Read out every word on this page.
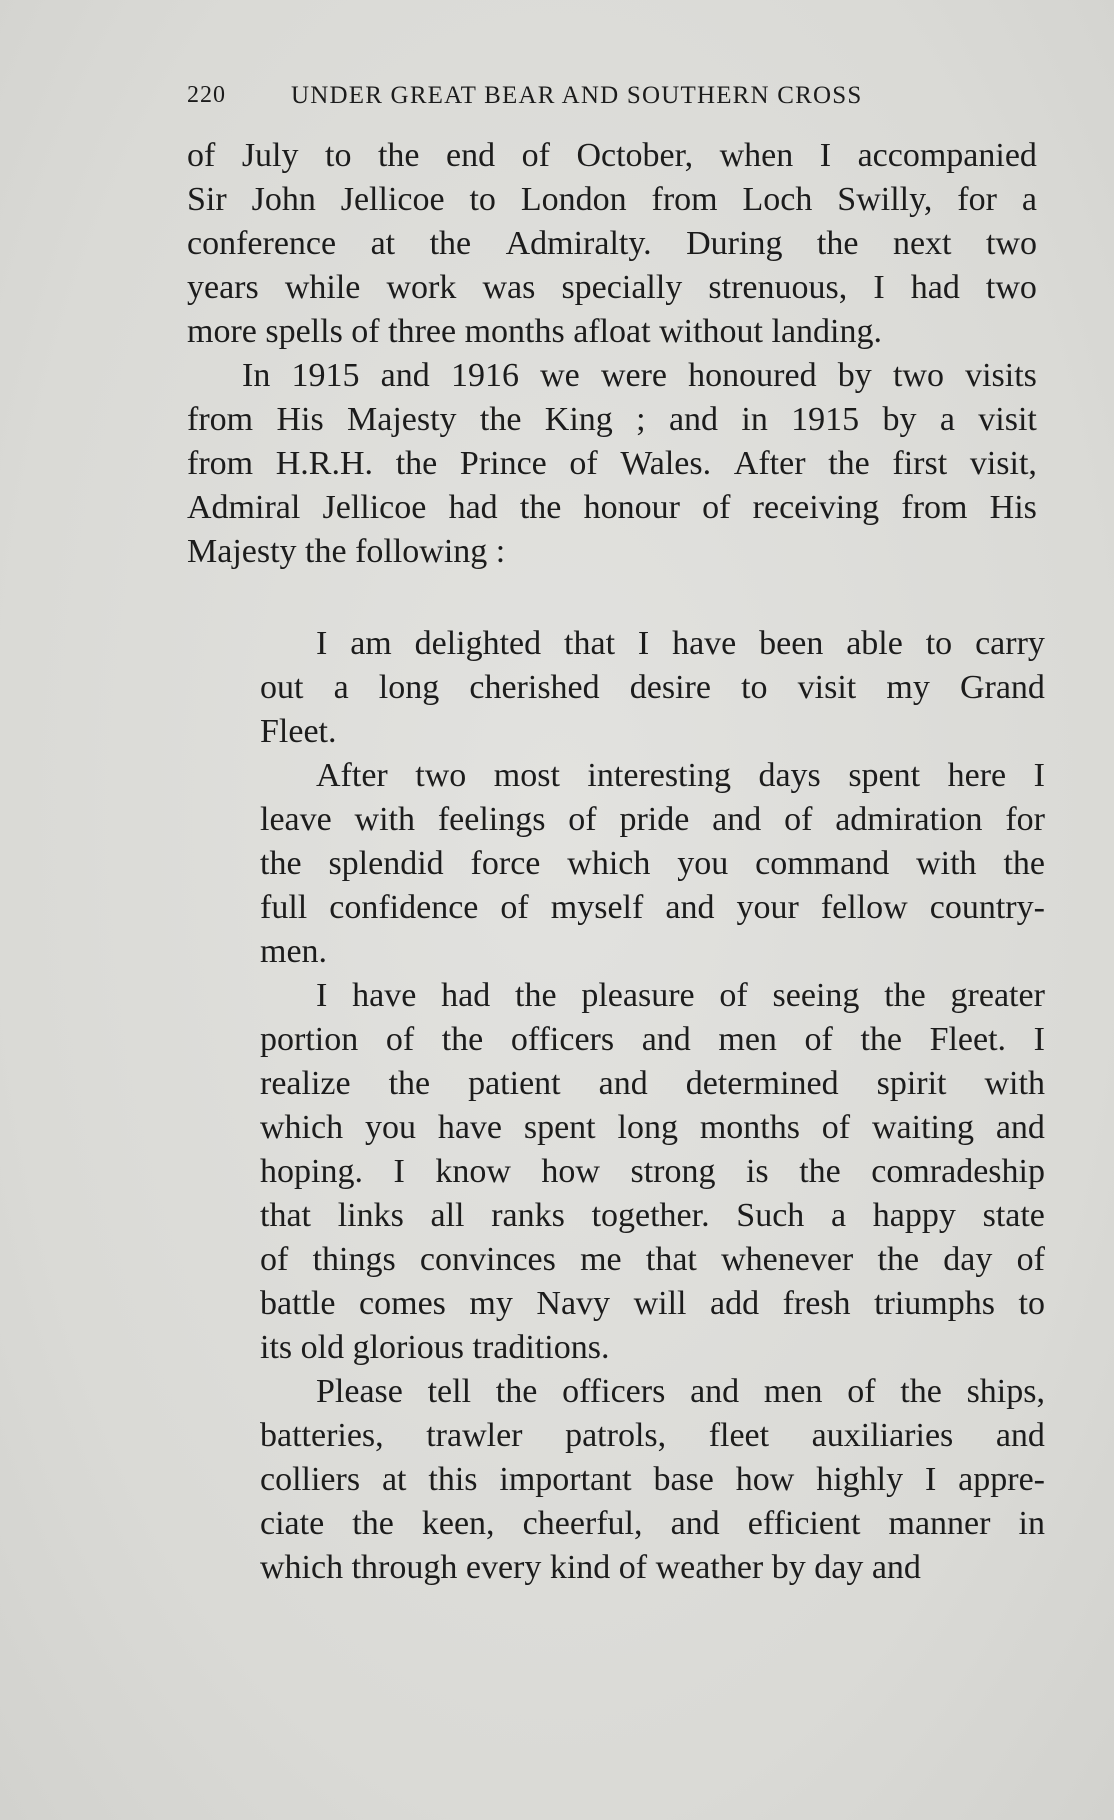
220	UNDER GREAT BEAR AND SOUTHERN CROSS
of July to the end of October, when I accompanied
Sir John Jellicoe to London from Loch Swilly, for a
conference at the Admiralty. During the next two
years while work was specially strenuous, I had two
more spells of three months afloat without landing.
In 1915 and 1916 we were honoured by two visits
from His Majesty the King ; and in 1915 by a visit
from H.R.H. the Prince of Wales. After the first visit,
Admiral Jellicoe had the honour of receiving from His
Majesty the following :
I am delighted that I have been able to carry
out a long cherished desire to visit my Grand
Fleet.
After two most interesting days spent here I
leave with feelings of pride and of admiration for
the splendid force which you command with the
full confidence of myself and your fellow country-
men.
I have had the pleasure of seeing the greater
portion of the officers and men of the Fleet. I
realize the patient and determined spirit with
which you have spent long months of waiting and
hoping. I know how strong is the comradeship
that links all ranks together. Such a happy state
of things convinces me that whenever the day of
battle comes my Navy will add fresh triumphs to
its old glorious traditions.
Please tell the officers and men of the ships,
batteries, trawler patrols, fleet auxiliaries and
colliers at this important base how highly I appre-
ciate the keen, cheerful, and efficient manner in
which through every kind of weather by day and
